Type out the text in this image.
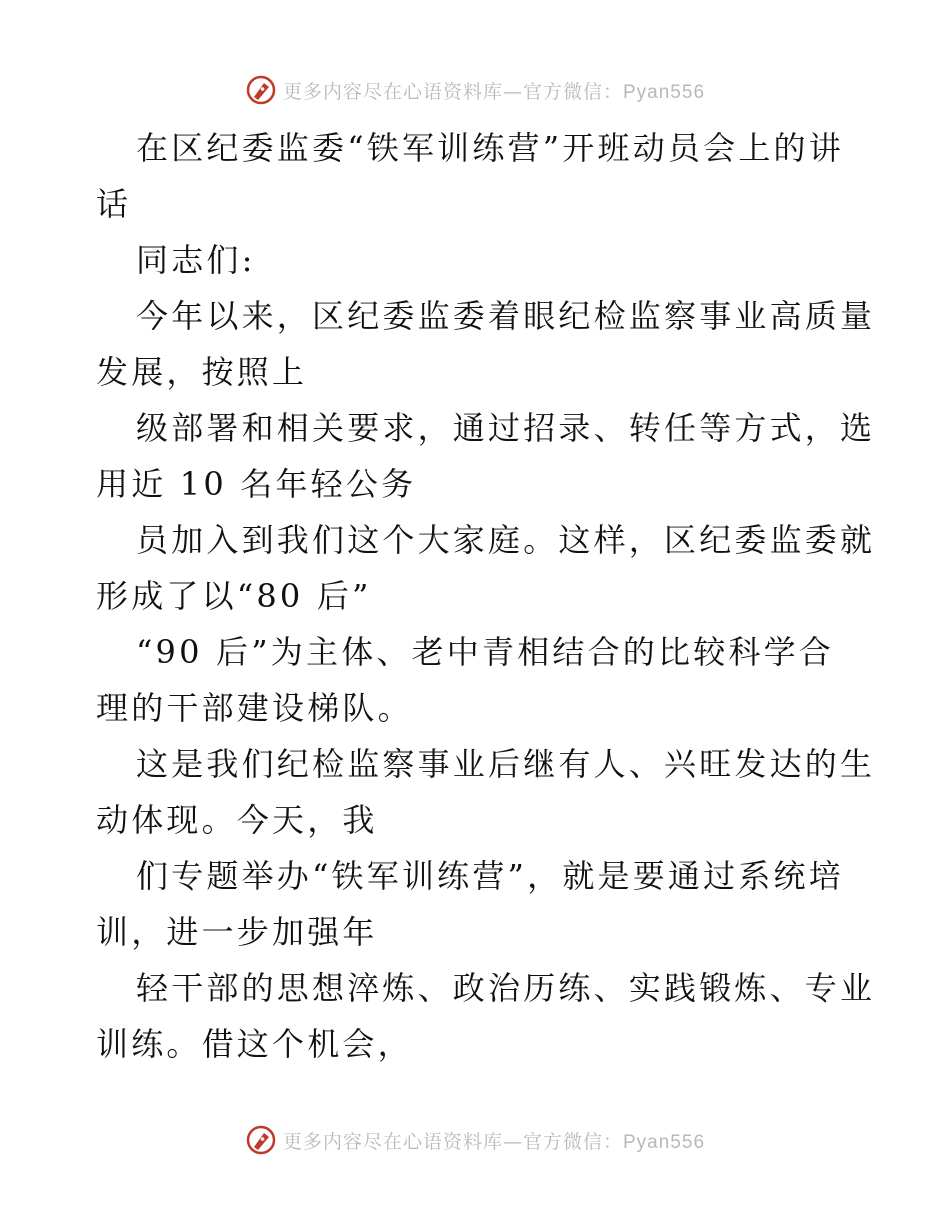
更多内容尽在心语资料库—官方微信：Pyan556
在区纪委监委“铁军训练营”开班动员会上的讲
话
同志们:
今年以来，区纪委监委着眼纪检监察事业高质量
发展，按照上
级部署和相关要求，通过招录、转任等方式，选
用近 10 名年轻公务
员加入到我们这个大家庭。这样，区纪委监委就
形成了以“80 后”
“90 后”为主体、老中青相结合的比较科学合
理的干部建设梯队。
这是我们纪检监察事业后继有人、兴旺发达的生
动体现。今天，我
们专题举办“铁军训练营”，就是要通过系统培
训，进一步加强年
轻干部的思想淬炼、政治历练、实践锻炼、专业
训练。借这个机会，
更多内容尽在心语资料库—官方微信：Pyan556
